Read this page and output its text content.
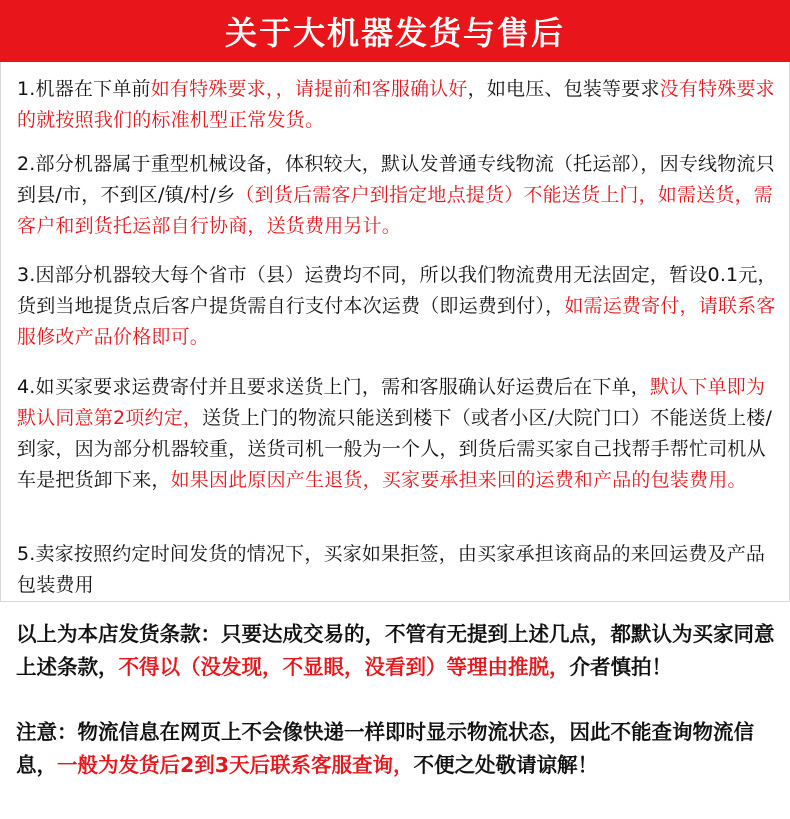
关于大机器发货与售后

1.机器在下单前如有特殊要求，，请提前和客服确认好，如电压、包装等要求没有特殊要求的就按照我们的标准机型正常发货。

2.部分机器属于重型机械设备，体积较大，默认发普通专线物流（托运部），因专线物流只到县/市，不到区/镇/村/乡（到货后需客户到指定地点提货）不能送货上门，如需送货，需客户和到货托运部自行协商，送货费用另计。

3.因部分机器较大每个省市（县）运费均不同，所以我们物流费用无法固定，暂设0.1元，货到当地提货点后客户提货需自行支付本次运费（即运费到付），如需运费寄付，请联系客服修改产品价格即可。

4.如买家要求运费寄付并且要求送货上门，需和客服确认好运费后在下单，默认下单即为默认同意第2项约定，送货上门的物流只能送到楼下（或者小区/大院门口）不能送货上楼/到家，因为部分机器较重，送货司机一般为一个人，到货后需买家自己找帮手帮忙司机从车是把货卸下来，如果因此原因产生退货，买家要承担来回的运费和产品的包装费用。

5.卖家按照约定时间发货的情况下，买家如果拒签，由买家承担该商品的来回运费及产品包装费用

以上为本店发货条款：只要达成交易的，不管有无提到上述几点，都默认为买家同意上述条款，不得以（没发现，不显眼，没看到）等理由推脱，介者慎拍！

注意：物流信息在网页上不会像快递一样即时显示物流状态，因此不能查询物流信息，一般为发货后2到3天后联系客服查询，不便之处敬请谅解！
